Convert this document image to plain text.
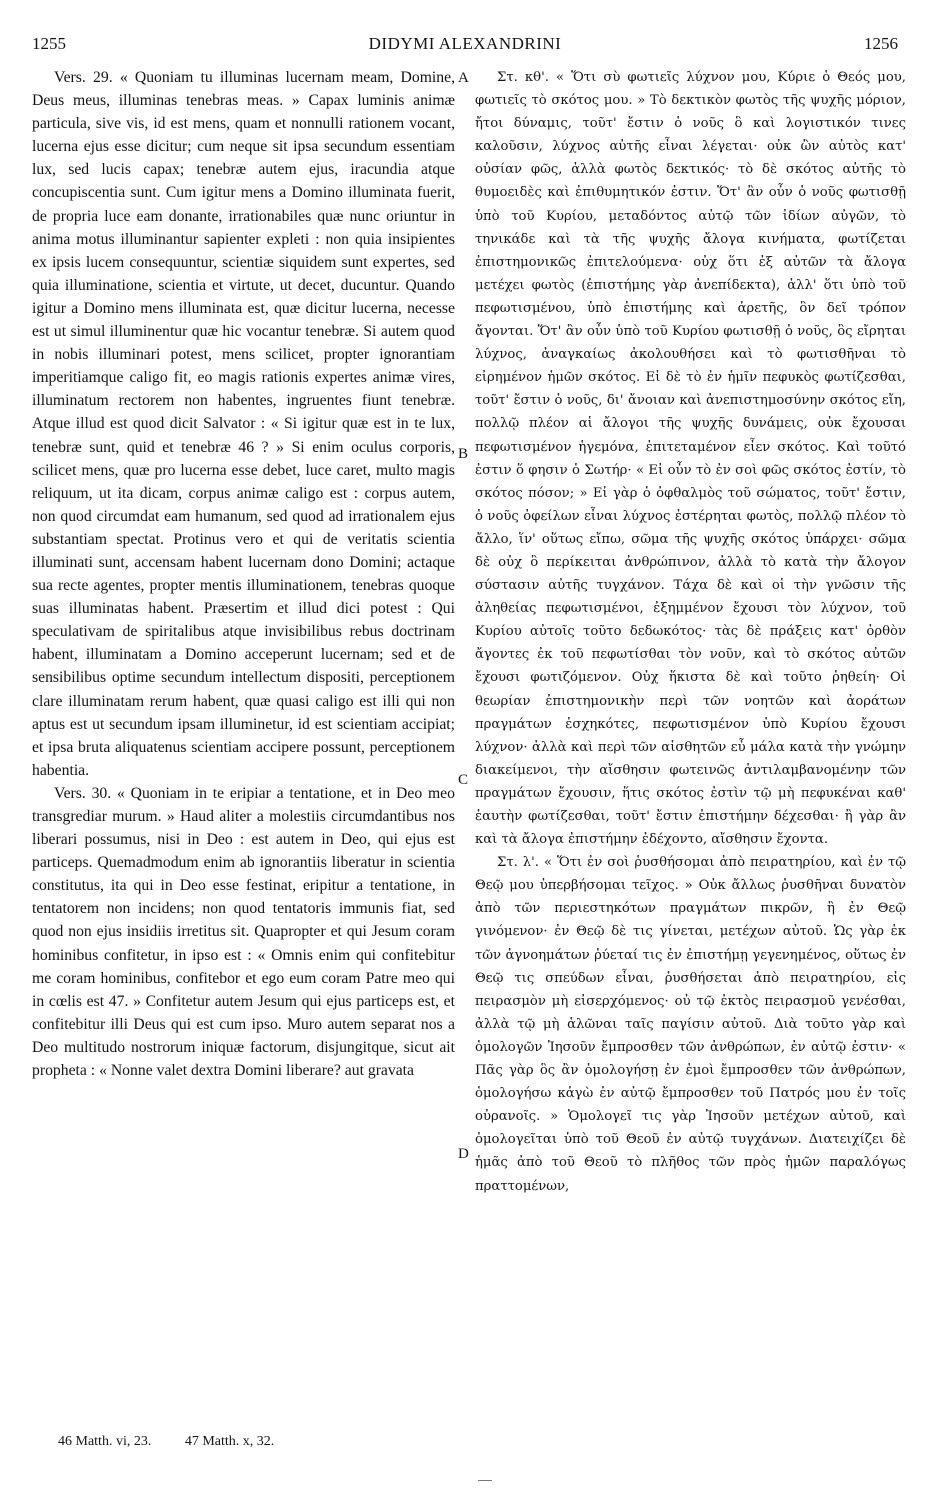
1255	DIDYMI ALEXANDRINI	1256

Vers. 29. « Quoniam tu illuminas lucernam meam, Domine, Deus meus, illuminas tenebras meas. » Capax luminis animæ particula, sive vis, id est mens, quam et nonnulli rationem vocant, lucerna ejus esse dicitur; cum neque sit ipsa secundum essentiam lux, sed lucis capax; tenebræ autem ejus, iracundia atque concupiscentia sunt. Cum igitur mens a Domino illuminata fuerit, de propria luce eam donante, irrationabiles quæ nunc oriuntur in anima motus illuminantur sapienter expleti : non quia insipientes ex ipsis lucem consequuntur, scientiæ siquidem sunt expertes, sed quia illuminatione, scientia et virtute, ut decet, ducuntur. Quando igitur a Domino mens illuminata est, quæ dicitur lucerna, necesse est ut simul illuminentur quæ hic vocantur tenebræ. Si autem quod in nobis illuminari potest, mens scilicet, propter ignorantiam imperitiamque caligo fit, eo magis rationis expertes animæ vires, illuminatum rectorem non habentes, ingruentes fiunt tenebræ. Atque illud est quod dicit Salvator : « Si igitur quæ est in te lux, tenebræ sunt, quid et tenebræ 46 ? » Si enim oculus corporis, scilicet mens, quæ pro lucerna esse debet, luce caret, multo magis reliquum, ut ita dicam, corpus animæ caligo est : corpus autem, non quod circumdat eam humanum, sed quod ad irrationalem ejus substantiam spectat. Protinus vero et qui de veritatis scientia illuminati sunt, accensam habent lucernam dono Domini; actaque sua recte agentes, propter mentis illuminationem, tenebras quoque suas illuminatas habent. Præsertim et illud dici potest : Qui speculativam de spiritalibus atque invisibilibus rebus doctrinam habent, illuminatam a Domino acceperunt lucernam; sed et de sensibilibus optime secundum intellectum dispositi, perceptionem clare illuminatam rerum habent, quæ quasi caligo est illi qui non aptus est ut secundum ipsam illuminetur, id est scientiam accipiat; et ipsa bruta aliquatenus scientiam accipere possunt, perceptionem habentia.

Vers. 30. « Quoniam in te eripiar a tentatione, et in Deo meo transgrediar murum. » Haud aliter a molestiis circumdantibus nos liberari possumus, nisi in Deo : est autem in Deo, qui ejus est particeps. Quemadmodum enim ab ignorantiis liberatur in scientia constitutus, ita qui in Deo esse festinat, eripitur a tentatione, in tentatorem non incidens; non quod tentatoris immunis fiat, sed quod non ejus insidiis irretitus sit. Quapropter et qui Jesum coram hominibus confitetur, in ipso est : « Omnis enim qui confitebitur me coram hominibus, confitebor et ego eum coram Patre meo qui in cœlis est 47. » Confitetur autem Jesum qui ejus particeps est, et confitebitur illi Deus qui est cum ipso. Muro autem separat nos a Deo multitudo nostrorum iniquæ factorum, disjungitque, sicut ait propheta : « Nonne valet dextra Domini liberare? aut gravata

A
B
C
D

Στ. κθ'. « Ὅτι σὺ φωτιεῖς λύχνον μου, Κύριε ὁ Θεός μου, φωτιεῖς τὸ σκότος μου. » Τὸ δεκτικὸν φωτὸς τῆς ψυχῆς μόριον, ἤτοι δύναμις, τοῦτ' ἔστιν ὁ νοῦς ὃ καὶ λογιστικόν τινες καλοῦσιν, λύχνος αὐτῆς εἶναι λέγεται· οὐκ ὢν αὐτὸς κατ' οὐσίαν φῶς, ἀλλὰ φωτὸς δεκτικός· τὸ δὲ σκότος αὐτῆς τὸ θυμοειδὲς καὶ ἐπιθυμητικόν ἐστιν. Ὅτ' ἂν οὖν ὁ νοῦς φωτισθῇ ὑπὸ τοῦ Κυρίου, μεταδόντος αὐτῷ τῶν ἰδίων αὐγῶν, τὸ τηνικάδε καὶ τὰ τῆς ψυχῆς ἄλογα κινήματα, φωτίζεται ἐπιστημονικῶς ἐπιτελούμενα· οὐχ ὅτι ἐξ αὐτῶν τὰ ἄλογα μετέχει φωτὸς (ἐπιστήμης γὰρ ἀνεπίδεκτα), ἀλλ' ὅτι ὑπὸ τοῦ πεφωτισμένου, ὑπὸ ἐπιστήμης καὶ ἀρετῆς, ὃν δεῖ τρόπον ἄγονται. Ὅτ' ἂν οὖν ὑπὸ τοῦ Κυρίου φωτισθῇ ὁ νοῦς, ὃς εἴρηται λύχνος, ἀναγκαίως ἀκολουθήσει καὶ τὸ φωτισθῆναι τὸ εἰρημένον ἡμῶν σκότος. Εἰ δὲ τὸ ἐν ἡμῖν πεφυκὸς φωτίζεσθαι, τοῦτ' ἔστιν ὁ νοῦς, δι' ἄνοιαν καὶ ἀνεπιστημοσύνην σκότος εἴη, πολλῷ πλέον αἱ ἄλογοι τῆς ψυχῆς δυνάμεις, οὐκ ἔχουσαι πεφωτισμένον ἡγεμόνα, ἐπιτεταμένον εἶεν σκότος. Καὶ τοῦτό ἐστιν ὅ φησιν ὁ Σωτήρ· « Εἰ οὖν τὸ ἐν σοὶ φῶς σκότος ἐστίν, τὸ σκότος πόσον; » Εἰ γὰρ ὁ ὀφθαλμὸς τοῦ σώματος, τοῦτ' ἔστιν, ὁ νοῦς ὀφείλων εἶναι λύχνος ἐστέρηται φωτὸς, πολλῷ πλέον τὸ ἄλλο, ἵν' οὕτως εἴπω, σῶμα τῆς ψυχῆς σκότος ὑπάρχει· σῶμα δὲ οὐχ ὃ περίκειται ἀνθρώπινον, ἀλλὰ τὸ κατὰ τὴν ἄλογον σύστασιν αὐτῆς τυγχάνον. Τάχα δὲ καὶ οἱ τὴν γνῶσιν τῆς ἀληθείας πεφωτισμένοι, ἐξημμένον ἔχουσι τὸν λύχνον, τοῦ Κυρίου αὐτοῖς τοῦτο δεδωκότος· τὰς δὲ πράξεις κατ' ὀρθὸν ἄγοντες ἐκ τοῦ πεφωτίσθαι τὸν νοῦν, καὶ τὸ σκότος αὐτῶν ἔχουσι φωτιζόμενον. Οὐχ ἥκιστα δὲ καὶ τοῦτο ῥηθείη· Οἱ θεωρίαν ἐπιστημονικὴν περὶ τῶν νοητῶν καὶ ἀοράτων πραγμάτων ἐσχηκότες, πεφωτισμένον ὑπὸ Κυρίου ἔχουσι λύχνον· ἀλλὰ καὶ περὶ τῶν αἰσθητῶν εὖ μάλα κατὰ τὴν γνώμην διακείμενοι, τὴν αἴσθησιν φωτεινῶς ἀντιλαμβανομένην τῶν πραγμάτων ἔχουσιν, ἥτις σκότος ἐστὶν τῷ μὴ πεφυκέναι καθ' ἑαυτὴν φωτίζεσθαι, τοῦτ' ἔστιν ἐπιστήμην δέχεσθαι· ἢ γὰρ ἂν καὶ τὰ ἄλογα ἐπιστήμην ἐδέχοντο, αἴσθησιν ἔχοντα.

Στ. λ'. « Ὅτι ἐν σοὶ ῥυσθήσομαι ἀπὸ πειρατηρίου, καὶ ἐν τῷ Θεῷ μου ὑπερβήσομαι τεῖχος. » Οὐκ ἄλλως ῥυσθῆναι δυνατὸν ἀπὸ τῶν περιεστηκότων πραγμάτων πικρῶν, ἢ ἐν Θεῷ γινόμενον· ἐν Θεῷ δὲ τις γίνεται, μετέχων αὐτοῦ. Ὡς γὰρ ἐκ τῶν ἀγνοημάτων ῥύεταί τις ἐν ἐπιστήμῃ γεγενημένος, οὕτως ἐν Θεῷ τις σπεύδων εἶναι, ῥυσθήσεται ἀπὸ πειρατηρίου, εἰς πειρασμὸν μὴ εἰσερχόμενος· οὐ τῷ ἐκτὸς πειρασμοῦ γενέσθαι, ἀλλὰ τῷ μὴ ἁλῶναι ταῖς παγίσιν αὐτοῦ. Διὰ τοῦτο γὰρ καὶ ὁμολογῶν Ἰησοῦν ἔμπροσθεν τῶν ἀνθρώπων, ἐν αὐτῷ ἐστιν· « Πᾶς γὰρ ὃς ἂν ὁμολογήσῃ ἐν ἐμοὶ ἔμπροσθεν τῶν ἀνθρώπων, ὁμολογήσω κἀγὼ ἐν αὐτῷ ἔμπροσθεν τοῦ Πατρός μου ἐν τοῖς οὐρανοῖς. » Ὁμολογεῖ τις γὰρ Ἰησοῦν μετέχων αὐτοῦ, καὶ ὁμολογεῖται ὑπὸ τοῦ Θεοῦ ἐν αὐτῷ τυγχάνων. Διατειχίζει δὲ ἡμᾶς ἀπὸ τοῦ Θεοῦ τὸ πλῆθος τῶν πρὸς ἡμῶν παραλόγως πραττομένων,

46 Matth. vi, 23. 47 Matth. x, 32.
